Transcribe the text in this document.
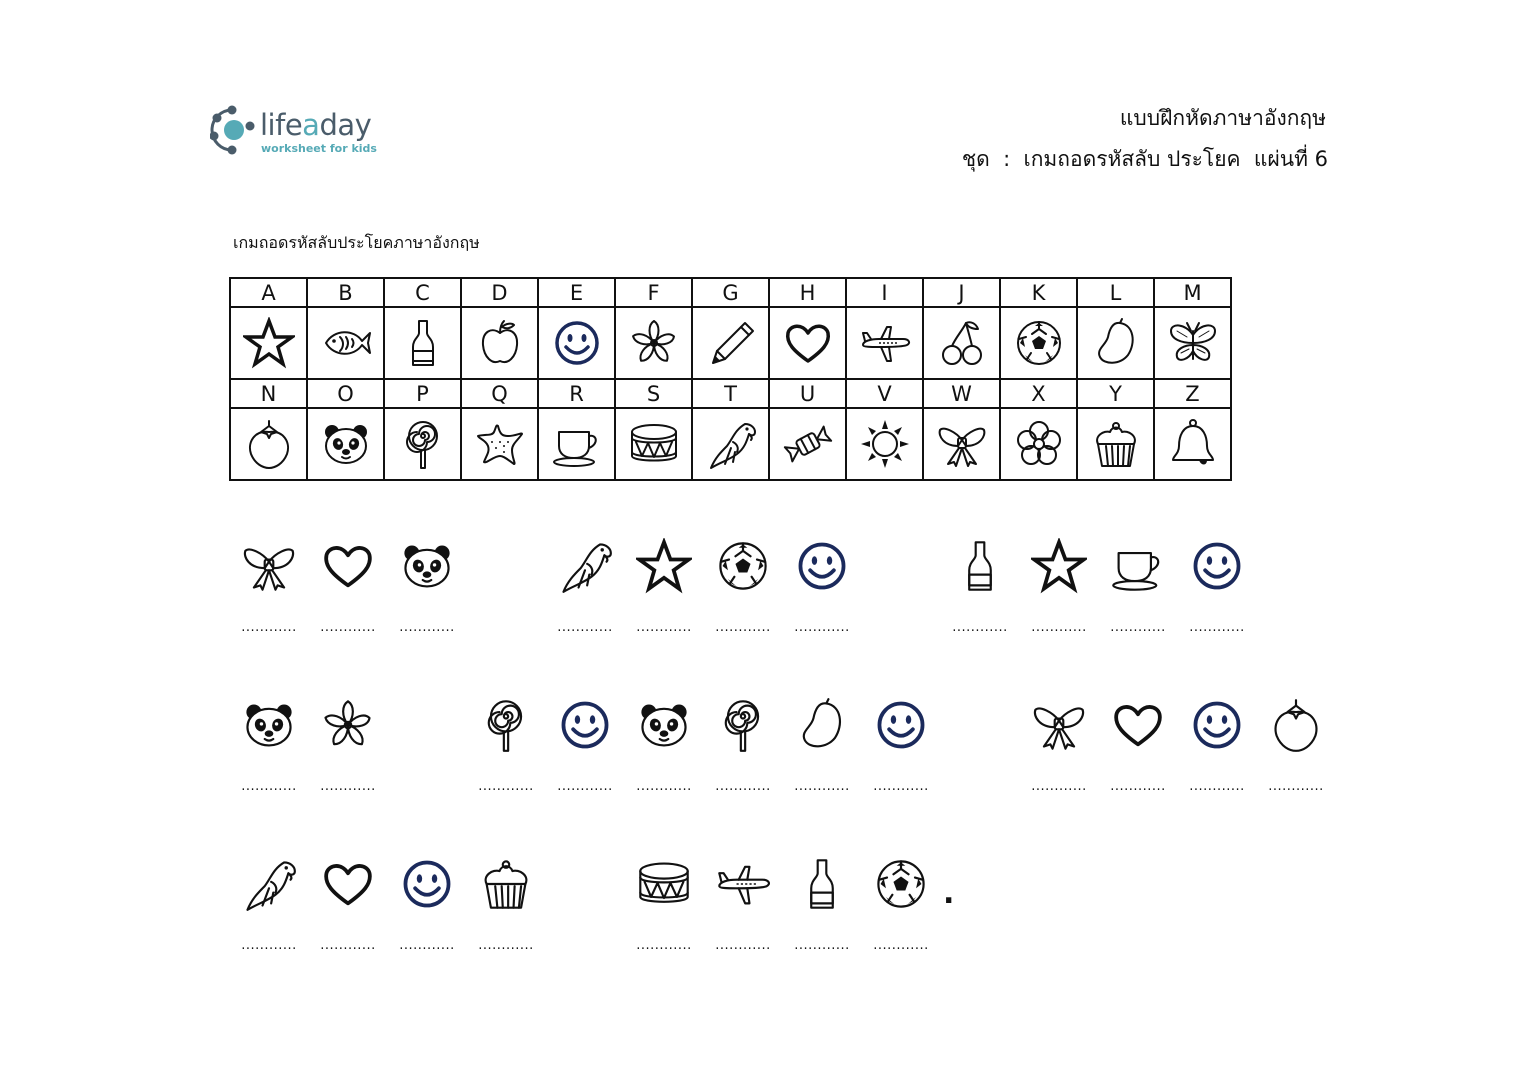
lifeaday
worksheet for kids
แบบฝึกหัดภาษาอังกฤษ
ชุด  :  เกมถอดรหัสลับ ประโยค  แผ่นที่ 6
เกมถอดรหัสลับประโยคภาษาอังกฤษ
A	B	C	D	E	F	G	H	I	J	K	L	M

N	O	P	Q	R	S	T	U	V	W	X	Y	Z

............	............	............	............	............	............	............	............	............	............	............
............	............	............	............	............	............	............	............	............	............	............	............
............	............	............	............	............	............	............	............
.
